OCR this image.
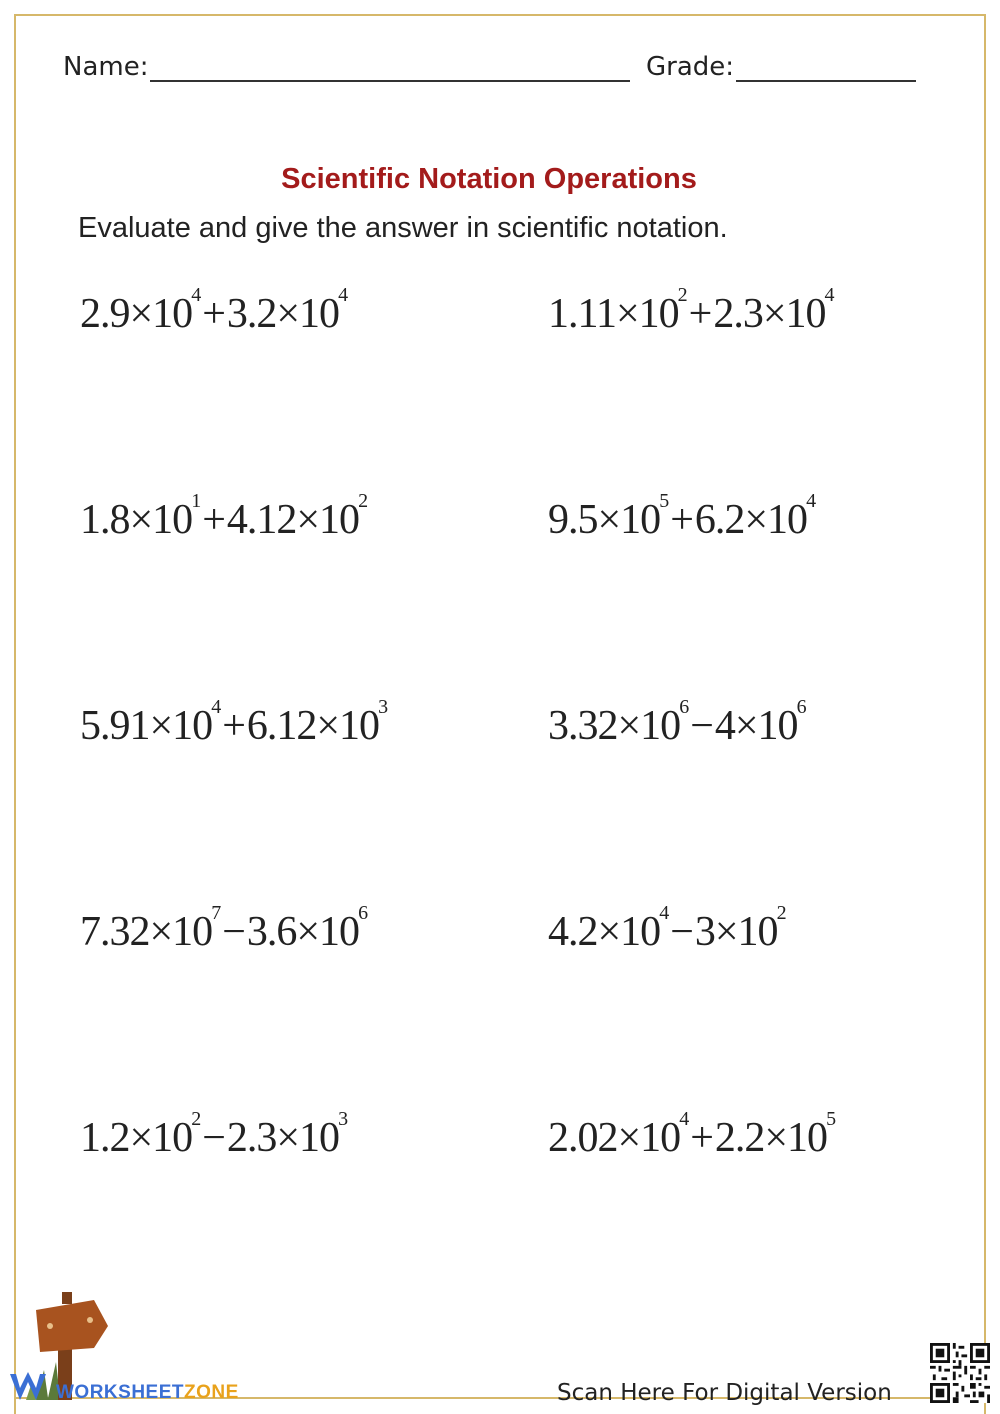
Name:	Grade:
Scientific Notation Operations
Evaluate and give the answer in scientific notation.
$2.9\times 10^4+3.2\times 10^4$	$1.11\times 10^2+2.3\times 10^4$
$1.8\times 10^1+4.12\times 10^2$	$9.5\times 10^5+6.2\times 10^4$
$5.91\times 10^4+6.12\times 10^3$	$3.32\times 10^6-4\times 10^6$
$7.32\times 10^7-3.6\times 10^6$	$4.2\times 10^4-3\times 10^2$
$1.2\times 10^2-2.3\times 10^3$	$2.02\times 10^4+2.2\times 10^5$
WORKSHEETZONE	Scan Here For Digital Version
